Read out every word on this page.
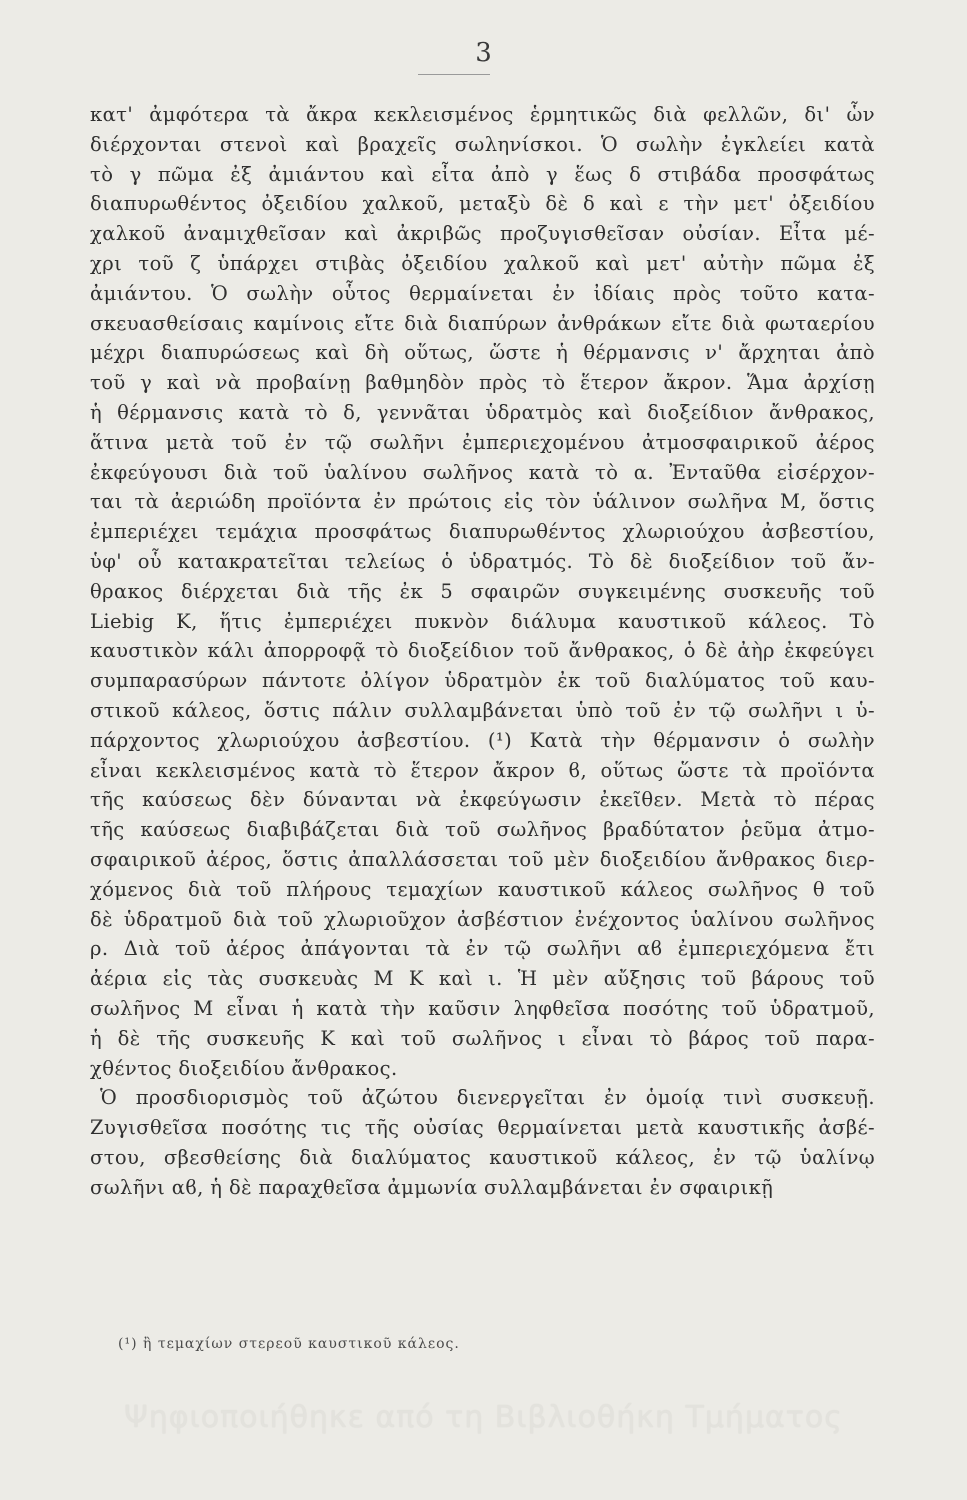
3
κατ' ἀμφότερα τὰ ἄκρα κεκλεισμένος ἑρμητικῶς διὰ φελλῶν, δι' ὧν
διέρχονται στενοὶ καὶ βραχεῖς σωληνίσκοι. Ὁ σωλὴν ἐγκλείει κατὰ
τὸ γ πῶμα ἐξ ἀμιάντου καὶ εἶτα ἀπὸ γ ἕως δ στιβάδα προσφάτως
διαπυρωθέντος ὀξειδίου χαλκοῦ, μεταξὺ δὲ δ καὶ ε τὴν μετ' ὀξειδίου
χαλκοῦ ἀναμιχθεῖσαν καὶ ἀκριβῶς προζυγισθεῖσαν οὐσίαν. Εἶτα μέ-
χρι τοῦ ζ ὑπάρχει στιβὰς ὀξειδίου χαλκοῦ καὶ μετ' αὐτὴν πῶμα ἐξ
ἀμιάντου. Ὁ σωλὴν οὗτος θερμαίνεται ἐν ἰδίαις πρὸς τοῦτο κατα-
σκευασθείσαις καμίνοις εἴτε διὰ διαπύρων ἀνθράκων εἴτε διὰ φωταερίου
μέχρι διαπυρώσεως καὶ δὴ οὕτως, ὥστε ἡ θέρμανσις ν' ἄρχηται ἀπὸ
τοῦ γ καὶ νὰ προβαίνῃ βαθμηδὸν πρὸς τὸ ἕτερον ἄκρον. Ἅμα ἀρχίσῃ
ἡ θέρμανσις κατὰ τὸ δ, γεννᾶται ὑδρατμὸς καὶ διοξείδιον ἄνθρακος,
ἅτινα μετὰ τοῦ ἐν τῷ σωλῆνι ἐμπεριεχομένου ἀτμοσφαιρικοῦ ἀέρος
ἐκφεύγουσι διὰ τοῦ ὑαλίνου σωλῆνος κατὰ τὸ α. Ἐνταῦθα εἰσέρχον-
ται τὰ ἀεριώδη προϊόντα ἐν πρώτοις εἰς τὸν ὑάλινον σωλῆνα Μ, ὅστις
ἐμπεριέχει τεμάχια προσφάτως διαπυρωθέντος χλωριούχου ἀσβεστίου,
ὑφ' οὗ κατακρατεῖται τελείως ὁ ὑδρατμός. Τὸ δὲ διοξείδιον τοῦ ἄν-
θρακος διέρχεται διὰ τῆς ἐκ 5 σφαιρῶν συγκειμένης συσκευῆς τοῦ
Liebig Κ, ἥτις ἐμπεριέχει πυκνὸν διάλυμα καυστικοῦ κάλεος. Τὸ
καυστικὸν κάλι ἀπορροφᾷ τὸ διοξείδιον τοῦ ἄνθρακος, ὁ δὲ ἀὴρ ἐκφεύγει
συμπαρασύρων πάντοτε ὀλίγον ὑδρατμὸν ἐκ τοῦ διαλύματος τοῦ καυ-
στικοῦ κάλεος, ὅστις πάλιν συλλαμβάνεται ὑπὸ τοῦ ἐν τῷ σωλῆνι ι ὑ-
πάρχοντος χλωριούχου ἀσβεστίου. (¹) Κατὰ τὴν θέρμανσιν ὁ σωλὴν
εἶναι κεκλεισμένος κατὰ τὸ ἕτερον ἄκρον ϐ, οὕτως ὥστε τὰ προϊόντα
τῆς καύσεως δὲν δύνανται νὰ ἐκφεύγωσιν ἐκεῖθεν. Μετὰ τὸ πέρας
τῆς καύσεως διαβιβάζεται διὰ τοῦ σωλῆνος βραδύτατον ῥεῦμα ἀτμο-
σφαιρικοῦ ἀέρος, ὅστις ἀπαλλάσσεται τοῦ μὲν διοξειδίου ἄνθρακος διερ-
χόμενος διὰ τοῦ πλήρους τεμαχίων καυστικοῦ κάλεος σωλῆνος θ τοῦ
δὲ ὑδρατμοῦ διὰ τοῦ χλωριοῦχον ἀσβέστιον ἐνέχοντος ὑαλίνου σωλῆνος
ρ. Διὰ τοῦ ἀέρος ἀπάγονται τὰ ἐν τῷ σωλῆνι αϐ ἐμπεριεχόμενα ἔτι
ἀέρια εἰς τὰς συσκευὰς Μ Κ καὶ ι. Ἡ μὲν αὔξησις τοῦ βάρους τοῦ
σωλῆνος Μ εἶναι ἡ κατὰ τὴν καῦσιν ληφθεῖσα ποσότης τοῦ ὑδρατμοῦ,
ἡ δὲ τῆς συσκευῆς Κ καὶ τοῦ σωλῆνος ι εἶναι τὸ βάρος τοῦ παρα-
χθέντος διοξειδίου ἄνθρακος.
Ὁ προσδιορισμὸς τοῦ ἀζώτου διενεργεῖται ἐν ὁμοίᾳ τινὶ συσκευῇ.
Ζυγισθεῖσα ποσότης τις τῆς οὐσίας θερμαίνεται μετὰ καυστικῆς ἀσβέ-
στου, σβεσθείσης διὰ διαλύματος καυστικοῦ κάλεος, ἐν τῷ ὑαλίνῳ
σωλῆνι αϐ, ἡ δὲ παραχθεῖσα ἀμμωνία συλλαμβάνεται ἐν σφαιρικῇ
(¹) ἢ τεμαχίων στερεοῦ καυστικοῦ κάλεος.
Ψηφιοποιήθηκε από τη Βιβλιοθήκη Τμήματος
